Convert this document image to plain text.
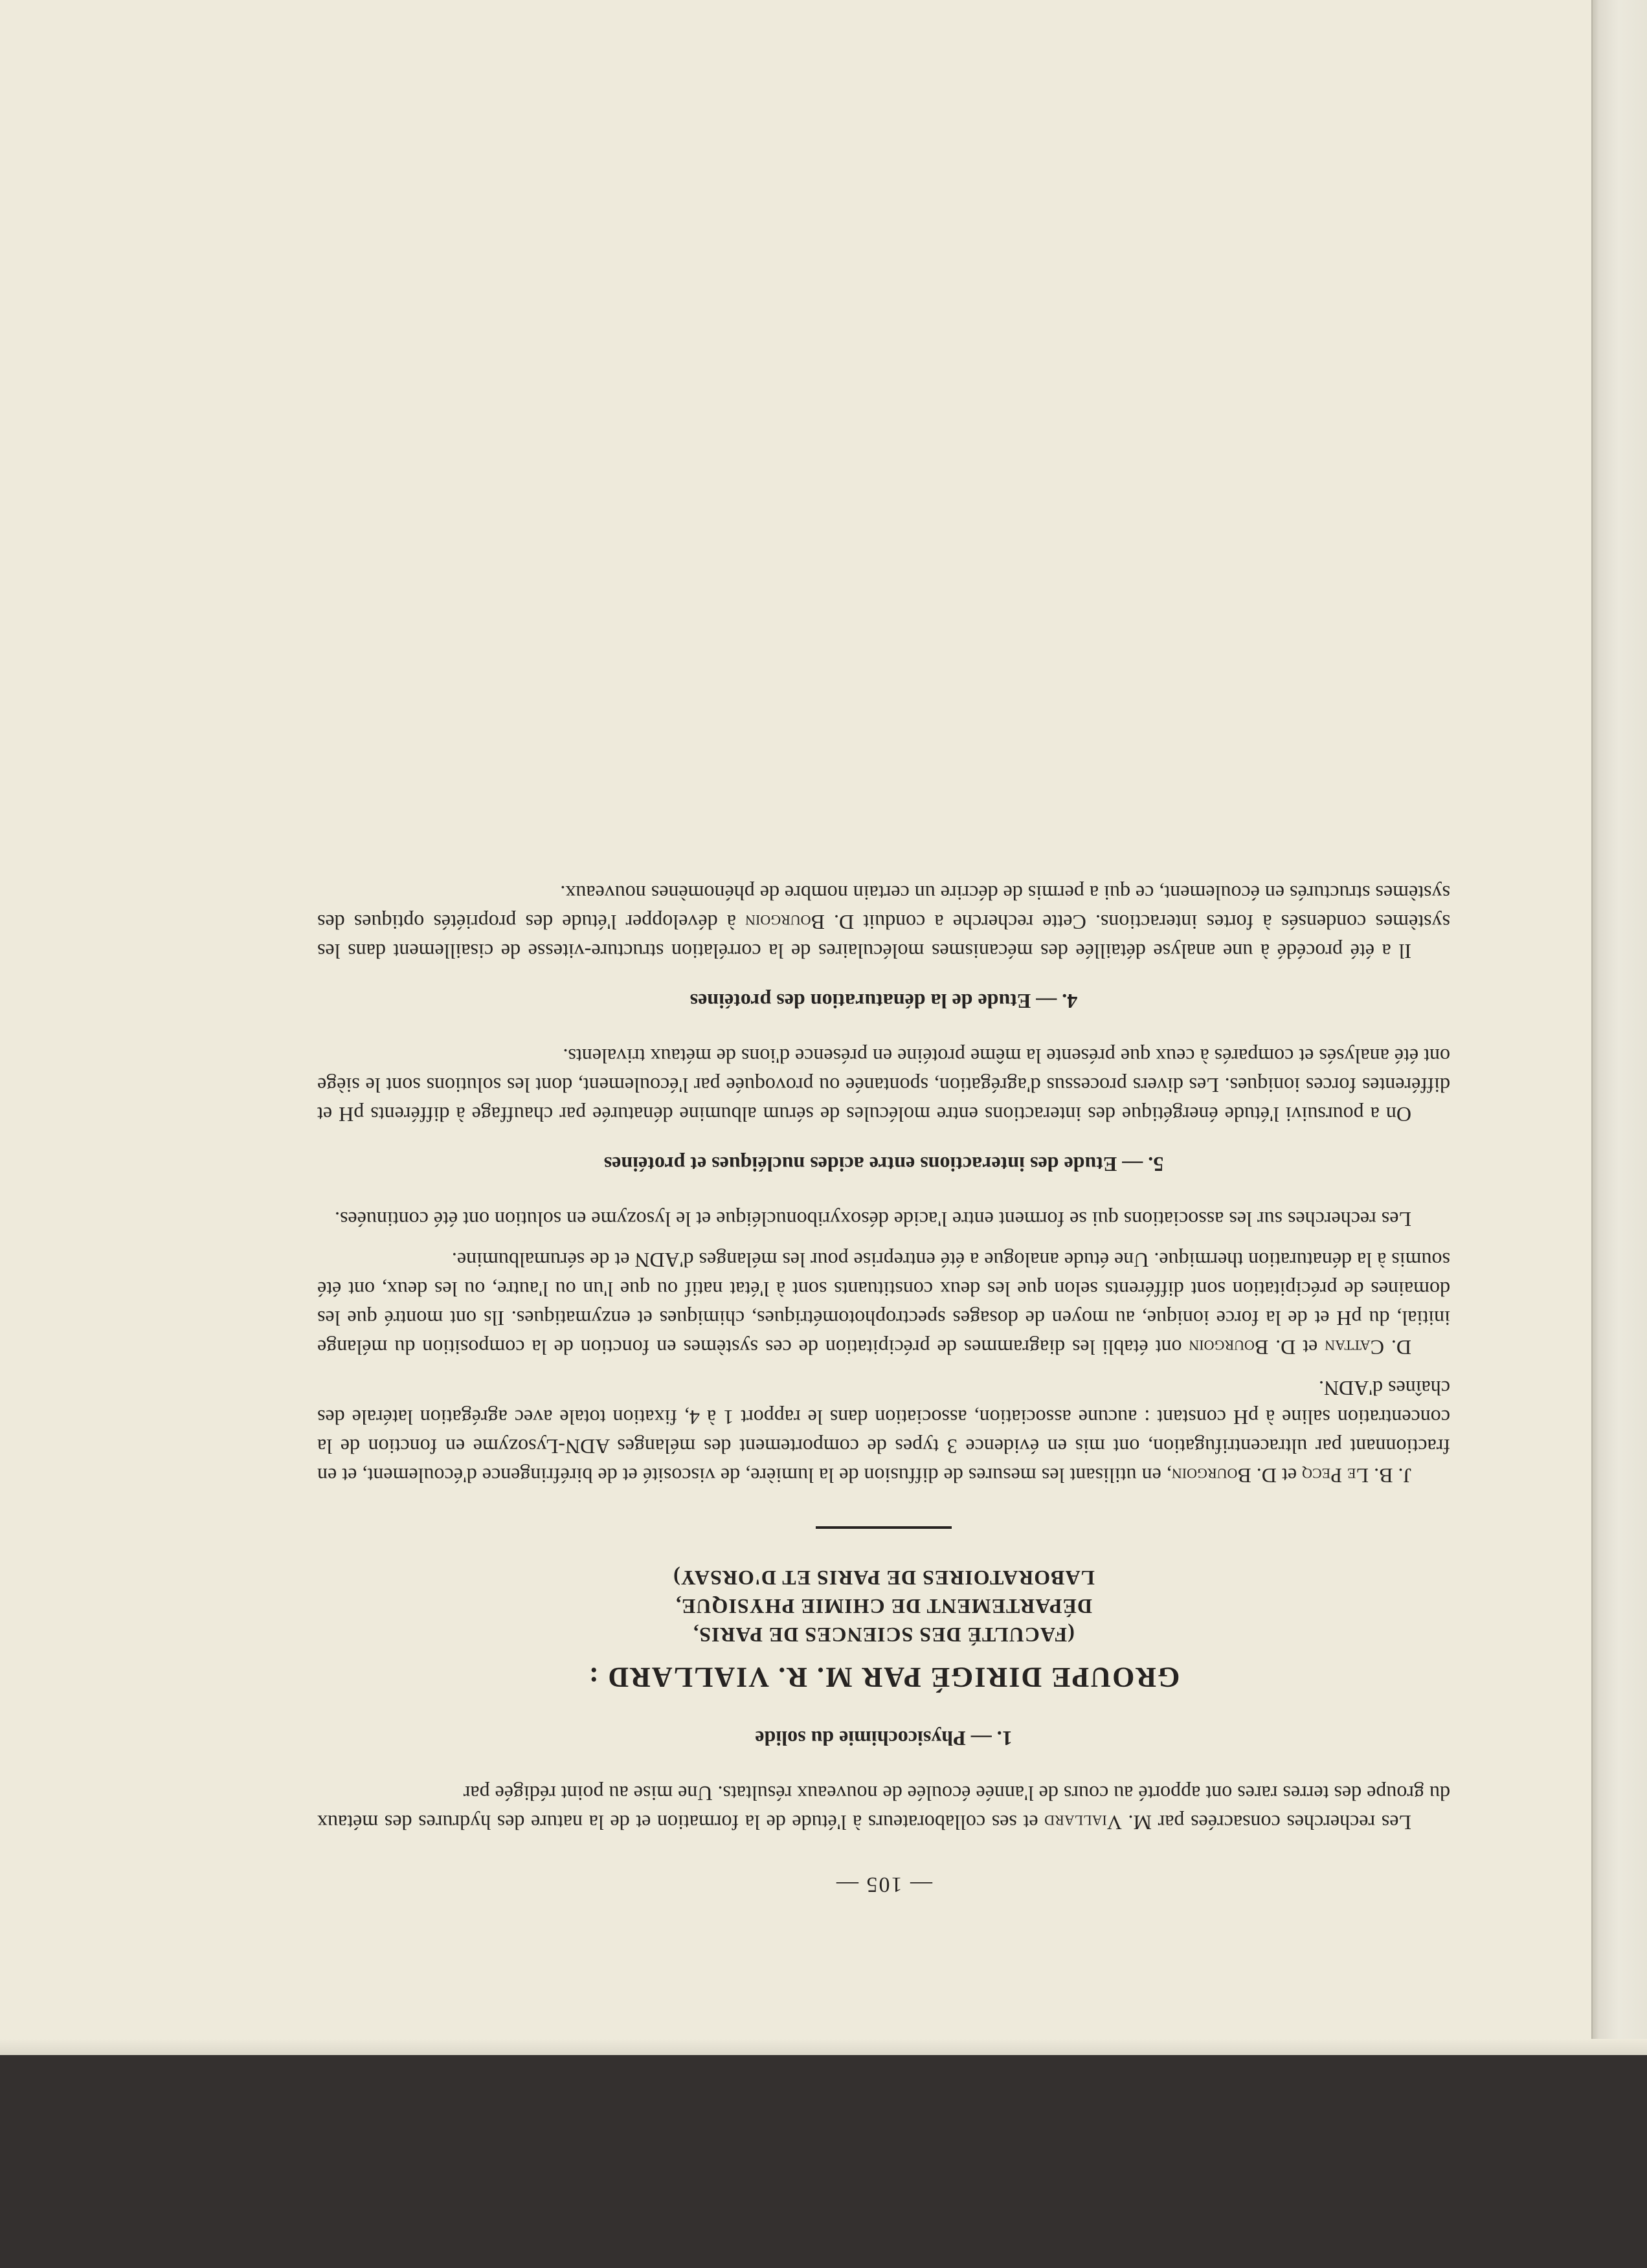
— 105 —

Les recherches consacrées par M. Viallard et ses collaborateurs à l'étude de la formation et de la nature des hydrures des métaux du groupe des terres rares ont apporté au cours de l'année écoulée de nouveaux résultats. Une mise au point rédigée par

1. — Physicochimie du solide
GROUPE DIRIGÉ PAR M. R. VIALLARD :
(FACULTÉ DES SCIENCES DE PARIS,
DÉPARTEMENT DE CHIMIE PHYSIQUE,
LABORATOIRES DE PARIS ET D'ORSAY)

J. B. Le Pecq et D. Bourgoin, en utilisant les mesures de diffusion de la lumière, de viscosité et de biréfringence d'écoulement, et en fractionnant par ultracentrifugation, ont mis en évidence 3 types de comportement des mélanges ADN-Lysozyme en fonction de la concentration saline à pH constant : aucune association, association dans le rapport 1 à 4, fixation totale avec agrégation latérale des chaînes d'ADN.

D. Cattan et D. Bourgoin ont établi les diagrammes de précipitation de ces systèmes en fonction de la composition du mélange initial, du pH et de la force ionique, au moyen de dosages spectrophotométriques, chimiques et enzymatiques. Ils ont montré que les domaines de précipitation sont différents selon que les deux constituants sont à l'état natif ou que l'un ou l'autre, ou les deux, ont été soumis à la dénaturation thermique. Une étude analogue a été entreprise pour les mélanges d'ADN et de sérumalbumine.

Les recherches sur les associations qui se forment entre l'acide désoxyribonucléique et le lysozyme en solution ont été continuées.

5. — Etude des interactions entre acides nucléiques et protéines

On a poursuivi l'étude énergétique des interactions entre molécules de sérum albumine dénaturée par chauffage à différents pH et différentes forces ioniques. Les divers processus d'agrégation, spontanée ou provoquée par l'écoulement, dont les solutions sont le siège ont été analysés et comparés à ceux que présente la même protéine en présence d'ions de métaux trivalents.

4. — Etude de la dénaturation des protéines

Il a été procédé à une analyse détaillée des mécanismes moléculaires de la corrélation structure-vitesse de cisaillement dans les systèmes condensés à fortes interactions. Cette recherche a conduit D. Bourgoin à développer l'étude des propriétés optiques des systèmes structurés en écoulement, ce qui a permis de décrire un certain nombre de phénomènes nouveaux.
